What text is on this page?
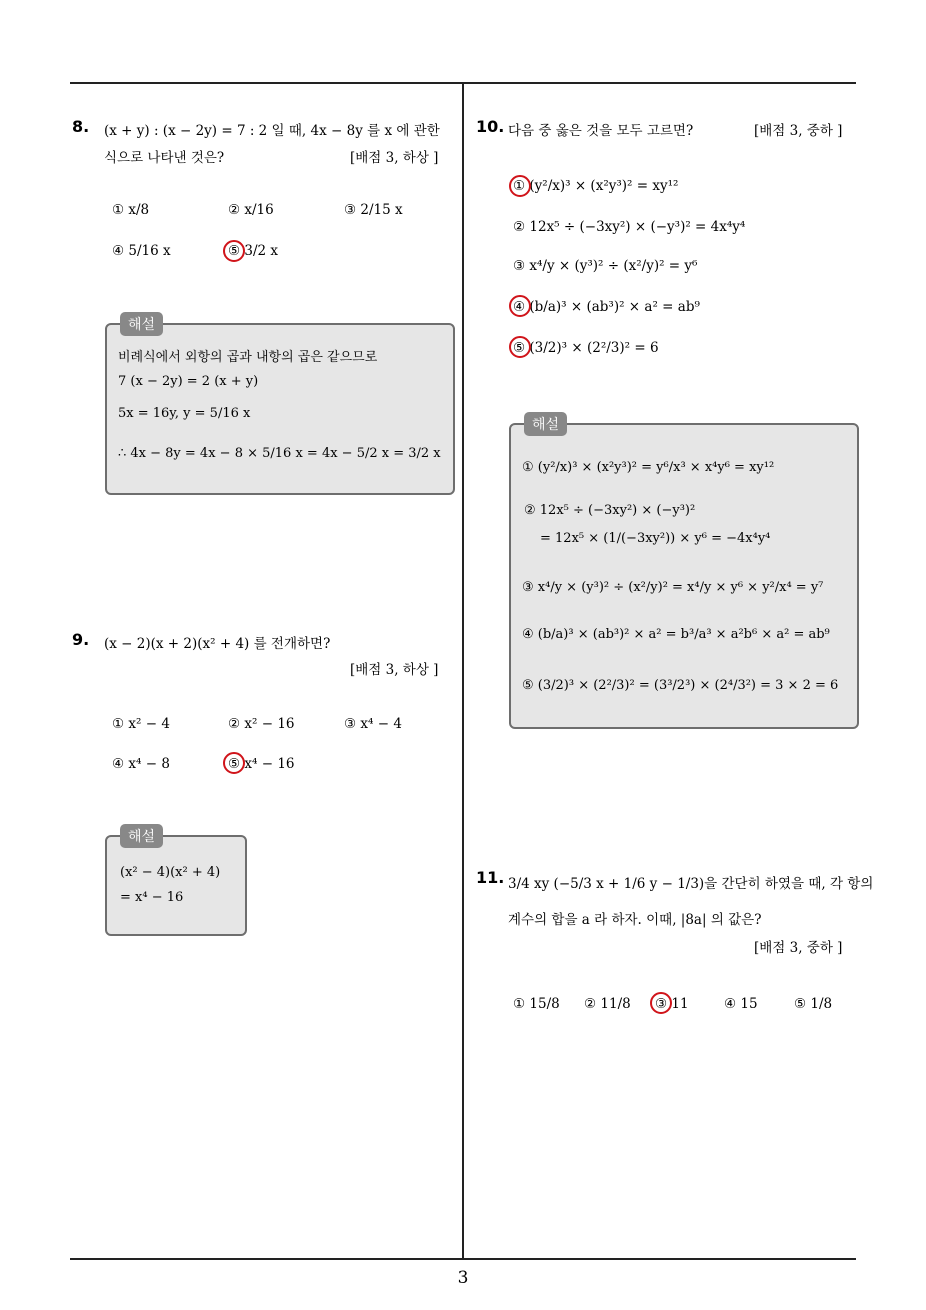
3
8. (x + y) : (x − 2y) = 7 : 2 일 때, 4x − 8y 를 x 에 관한
식으로 나타낸 것은?	[배점 3, 하상 ]
① x/8	② x/16	③ 2/15 x
④ 5/16 x	⑤ 3/2 x
해설
비례식에서 외항의 곱과 내항의 곱은 같으므로
7 (x − 2y) = 2 (x + y)
5x = 16y, y = 5/16 x
∴ 4x − 8y = 4x − 8 × 5/16 x = 4x − 5/2 x = 3/2 x
9. (x − 2)(x + 2)(x² + 4) 를 전개하면?
[배점 3, 하상 ]
① x² − 4	② x² − 16	③ x⁴ − 4
④ x⁴ − 8	⑤ x⁴ − 16
해설
(x² − 4)(x² + 4)
= x⁴ − 16
10. 다음 중 옳은 것을 모두 고르면?	[배점 3, 중하 ]
① (y²/x)³ × (x²y³)² = xy¹²
② 12x⁵ ÷ (−3xy²) × (−y³)² = 4x⁴y⁴
③ x⁴/y × (y³)² ÷ (x²/y)² = y⁶
④ (b/a)³ × (ab³)² × a² = ab⁹
⑤ (3/2)³ × (2²/3)² = 6
해설
① (y²/x)³ × (x²y³)² = y⁶/x³ × x⁴y⁶ = xy¹²
② 12x⁵ ÷ (−3xy²) × (−y³)²
= 12x⁵ × (1/(−3xy²)) × y⁶ = −4x⁴y⁴
③ x⁴/y × (y³)² ÷ (x²/y)² = x⁴/y × y⁶ × y²/x⁴ = y⁷
④ (b/a)³ × (ab³)² × a² = b³/a³ × a²b⁶ × a² = ab⁹
⑤ (3/2)³ × (2²/3)² = (3³/2³) × (2⁴/3²) = 3 × 2 = 6
11. 3/4 xy (−5/3 x + 1/6 y − 1/3)을 간단히 하였을 때, 각 항의
계수의 합을 a 라 하자. 이때, |8a| 의 값은?
[배점 3, 중하 ]
① 15/8 ② 11/8 ③ 11	④ 15	⑤ 1/8
